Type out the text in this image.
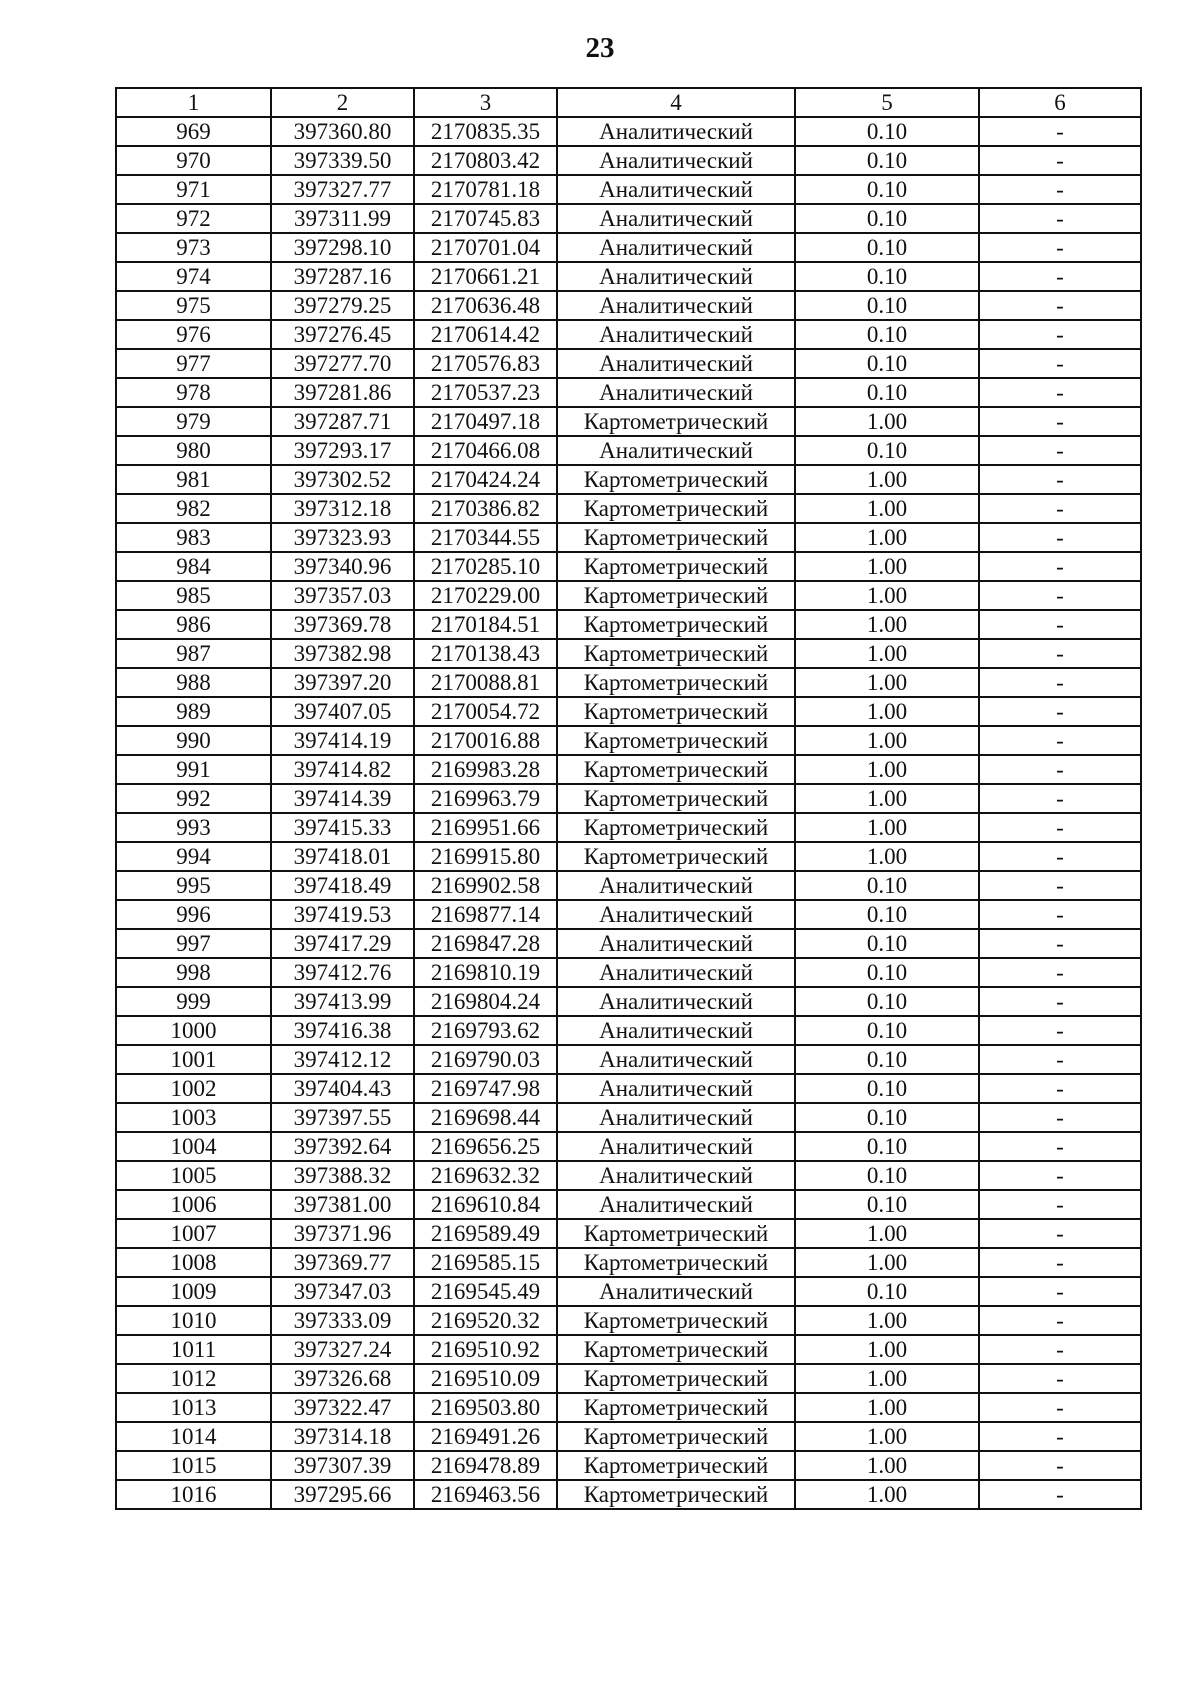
23
1	2	3	4	5	6
969	397360.80	2170835.35	Аналитический	0.10	-
970	397339.50	2170803.42	Аналитический	0.10	-
971	397327.77	2170781.18	Аналитический	0.10	-
972	397311.99	2170745.83	Аналитический	0.10	-
973	397298.10	2170701.04	Аналитический	0.10	-
974	397287.16	2170661.21	Аналитический	0.10	-
975	397279.25	2170636.48	Аналитический	0.10	-
976	397276.45	2170614.42	Аналитический	0.10	-
977	397277.70	2170576.83	Аналитический	0.10	-
978	397281.86	2170537.23	Аналитический	0.10	-
979	397287.71	2170497.18	Картометрический	1.00	-
980	397293.17	2170466.08	Аналитический	0.10	-
981	397302.52	2170424.24	Картометрический	1.00	-
982	397312.18	2170386.82	Картометрический	1.00	-
983	397323.93	2170344.55	Картометрический	1.00	-
984	397340.96	2170285.10	Картометрический	1.00	-
985	397357.03	2170229.00	Картометрический	1.00	-
986	397369.78	2170184.51	Картометрический	1.00	-
987	397382.98	2170138.43	Картометрический	1.00	-
988	397397.20	2170088.81	Картометрический	1.00	-
989	397407.05	2170054.72	Картометрический	1.00	-
990	397414.19	2170016.88	Картометрический	1.00	-
991	397414.82	2169983.28	Картометрический	1.00	-
992	397414.39	2169963.79	Картометрический	1.00	-
993	397415.33	2169951.66	Картометрический	1.00	-
994	397418.01	2169915.80	Картометрический	1.00	-
995	397418.49	2169902.58	Аналитический	0.10	-
996	397419.53	2169877.14	Аналитический	0.10	-
997	397417.29	2169847.28	Аналитический	0.10	-
998	397412.76	2169810.19	Аналитический	0.10	-
999	397413.99	2169804.24	Аналитический	0.10	-
1000	397416.38	2169793.62	Аналитический	0.10	-
1001	397412.12	2169790.03	Аналитический	0.10	-
1002	397404.43	2169747.98	Аналитический	0.10	-
1003	397397.55	2169698.44	Аналитический	0.10	-
1004	397392.64	2169656.25	Аналитический	0.10	-
1005	397388.32	2169632.32	Аналитический	0.10	-
1006	397381.00	2169610.84	Аналитический	0.10	-
1007	397371.96	2169589.49	Картометрический	1.00	-
1008	397369.77	2169585.15	Картометрический	1.00	-
1009	397347.03	2169545.49	Аналитический	0.10	-
1010	397333.09	2169520.32	Картометрический	1.00	-
1011	397327.24	2169510.92	Картометрический	1.00	-
1012	397326.68	2169510.09	Картометрический	1.00	-
1013	397322.47	2169503.80	Картометрический	1.00	-
1014	397314.18	2169491.26	Картометрический	1.00	-
1015	397307.39	2169478.89	Картометрический	1.00	-
1016	397295.66	2169463.56	Картометрический	1.00	-
